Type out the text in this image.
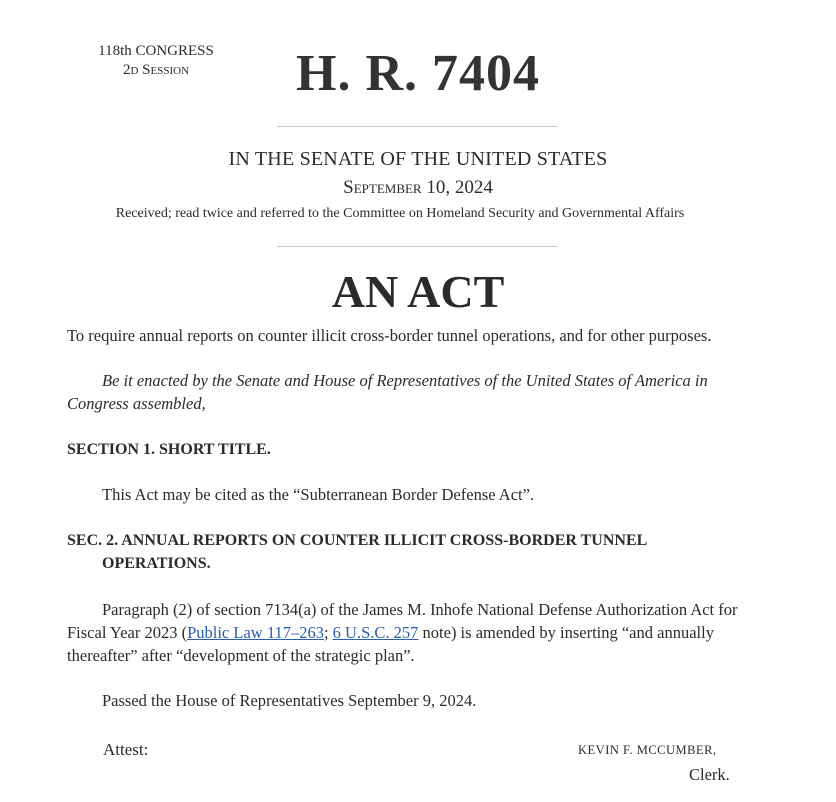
118th CONGRESS
2d Session	H. R. 7404
IN THE SENATE OF THE UNITED STATES
September 10, 2024
Received; read twice and referred to the Committee on Homeland Security and Governmental Affairs
AN ACT
To require annual reports on counter illicit cross-border tunnel operations, and for other purposes.
Be it enacted by the Senate and House of Representatives of the United States of America in Congress assembled,
SECTION 1. SHORT TITLE.
This Act may be cited as the “Subterranean Border Defense Act”.
SEC. 2. ANNUAL REPORTS ON COUNTER ILLICIT CROSS-BORDER TUNNEL
OPERATIONS.
Paragraph (2) of section 7134(a) of the James M. Inhofe National Defense Authorization Act for Fiscal Year 2023 (Public Law 117–263; 6 U.S.C. 257 note) is amended by inserting “and annually thereafter” after “development of the strategic plan”.
Passed the House of Representatives September 9, 2024.
Attest:	KEVIN F. MCCUMBER,
Clerk.
